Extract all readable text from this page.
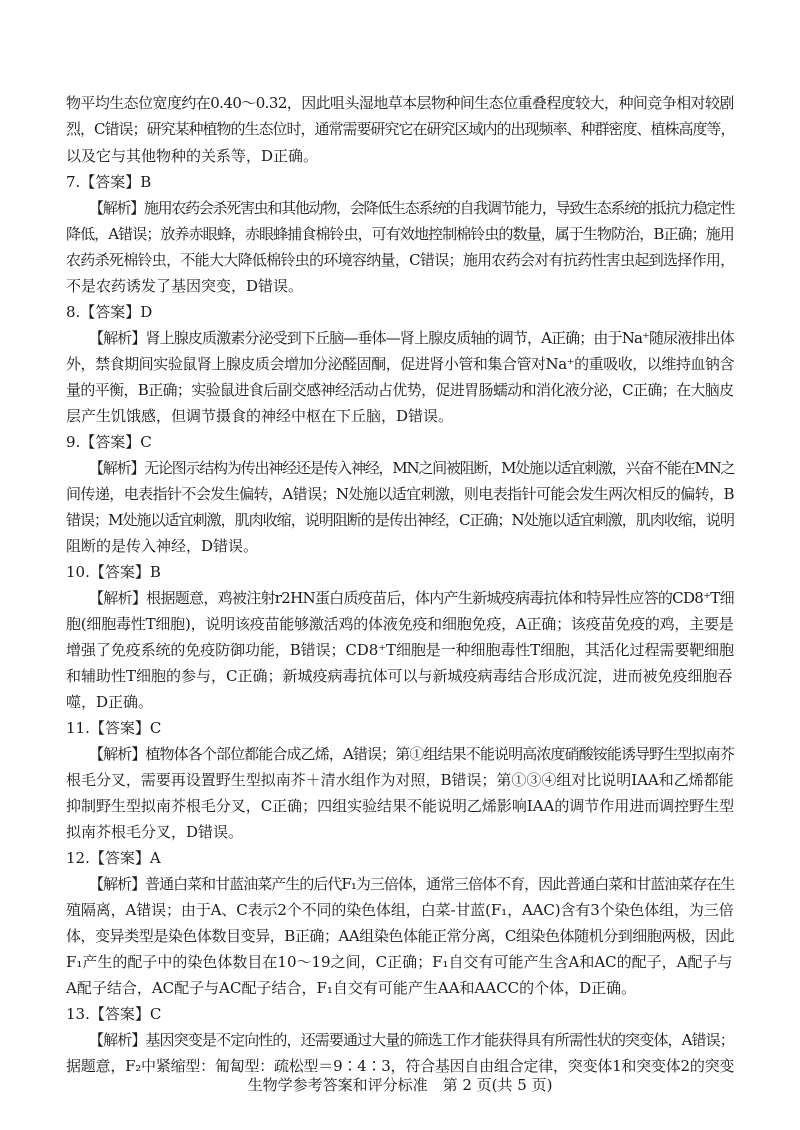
物平均生态位宽度约在0.40～0.32，因此咀头湿地草本层物种间生态位重叠程度较大，种间竞争相对较剧
烈，C错误；研究某种植物的生态位时，通常需要研究它在研究区域内的出现频率、种群密度、植株高度等，
以及它与其他物种的关系等，D正确。
7.【答案】B
【解析】施用农药会杀死害虫和其他动物，会降低生态系统的自我调节能力，导致生态系统的抵抗力稳定性
降低，A错误；放养赤眼蜂，赤眼蜂捕食棉铃虫，可有效地控制棉铃虫的数量，属于生物防治，B正确；施用
农药杀死棉铃虫，不能大大降低棉铃虫的环境容纳量，C错误；施用农药会对有抗药性害虫起到选择作用，
不是农药诱发了基因突变，D错误。
8.【答案】D
【解析】肾上腺皮质激素分泌受到下丘脑—垂体—肾上腺皮质轴的调节，A正确；由于Na⁺随尿液排出体
外，禁食期间实验鼠肾上腺皮质会增加分泌醛固酮，促进肾小管和集合管对Na⁺的重吸收，以维持血钠含
量的平衡，B正确；实验鼠进食后副交感神经活动占优势，促进胃肠蠕动和消化液分泌，C正确；在大脑皮
层产生饥饿感，但调节摄食的神经中枢在下丘脑，D错误。
9.【答案】C
【解析】无论图示结构为传出神经还是传入神经，MN之间被阻断，M处施以适宜刺激，兴奋不能在MN之
间传递，电表指针不会发生偏转，A错误；N处施以适宜刺激，则电表指针可能会发生两次相反的偏转，B
错误；M处施以适宜刺激，肌肉收缩，说明阻断的是传出神经，C正确；N处施以适宜刺激，肌肉收缩，说明
阻断的是传入神经，D错误。
10.【答案】B
【解析】根据题意，鸡被注射r2HN蛋白质疫苗后，体内产生新城疫病毒抗体和特异性应答的CD8⁺T细
胞(细胞毒性T细胞)，说明该疫苗能够激活鸡的体液免疫和细胞免疫，A正确；该疫苗免疫的鸡，主要是
增强了免疫系统的免疫防御功能，B错误；CD8⁺T细胞是一种细胞毒性T细胞，其活化过程需要靶细胞
和辅助性T细胞的参与，C正确；新城疫病毒抗体可以与新城疫病毒结合形成沉淀，进而被免疫细胞吞
噬，D正确。
11.【答案】C
【解析】植物体各个部位都能合成乙烯，A错误；第①组结果不能说明高浓度硝酸铵能诱导野生型拟南芥
根毛分叉，需要再设置野生型拟南芥＋清水组作为对照，B错误；第①③④组对比说明IAA和乙烯都能
抑制野生型拟南芥根毛分叉，C正确；四组实验结果不能说明乙烯影响IAA的调节作用进而调控野生型
拟南芥根毛分叉，D错误。
12.【答案】A
【解析】普通白菜和甘蓝油菜产生的后代F₁为三倍体，通常三倍体不育，因此普通白菜和甘蓝油菜存在生
殖隔离，A错误；由于A、C表示2个不同的染色体组，白菜-甘蓝(F₁，AAC)含有3个染色体组，为三倍
体，变异类型是染色体数目变异，B正确；AA组染色体能正常分离，C组染色体随机分到细胞两极，因此
F₁产生的配子中的染色体数目在10～19之间，C正确；F₁自交有可能产生含A和AC的配子，A配子与
A配子结合，AC配子与AC配子结合，F₁自交有可能产生AA和AACC的个体，D正确。
13.【答案】C
【解析】基因突变是不定向性的，还需要通过大量的筛选工作才能获得具有所需性状的突变体，A错误；
据题意，F₂中紧缩型：匍匐型：疏松型＝9∶4∶3，符合基因自由组合定律，突变体1和突变体2的突变
生物学参考答案和评分标准　第 2 页(共 5 页)
